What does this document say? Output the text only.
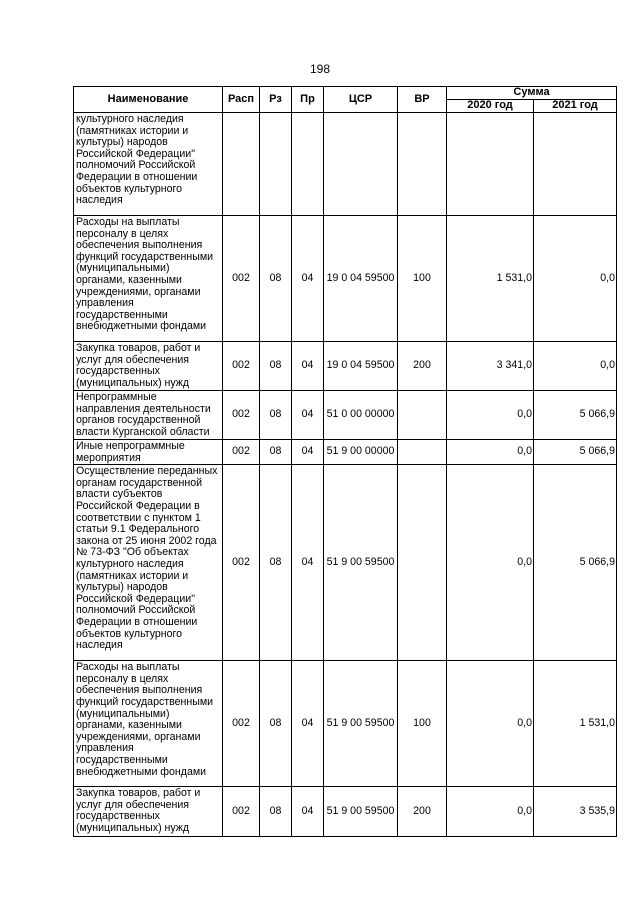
198
Наименование	Расп	Рз	Пр	ЦСР	ВР	Сумма	
						2020 год	2021 год
культурного наследия (памятниках истории и культуры) народов Российской Федерации" полномочий Российской Федерации в отношении объектов культурного наследия							
Расходы на выплаты персоналу в целях обеспечения выполнения функций государственными (муниципальными) органами, казенными учреждениями, органами управления государственными внебюджетными фондами	002	08	04	19 0 04 59500	100	1 531,0	0,0
Закупка товаров, работ и услуг для обеспечения государственных (муниципальных) нужд	002	08	04	19 0 04 59500	200	3 341,0	0,0
Непрограммные направления деятельности органов государственной власти Курганской области	002	08	04	51 0 00 00000		0,0	5 066,9
Иные непрограммные мероприятия	002	08	04	51 9 00 00000		0,0	5 066,9
Осуществление переданных органам государственной власти субъектов Российской Федерации в соответствии с пунктом 1 статьи 9.1 Федерального закона от 25 июня 2002 года № 73-ФЗ "Об объектах культурного наследия (памятниках истории и культуры) народов Российской Федерации" полномочий Российской Федерации в отношении объектов культурного наследия	002	08	04	51 9 00 59500		0,0	5 066,9
Расходы на выплаты персоналу в целях обеспечения выполнения функций государственными (муниципальными) органами, казенными учреждениями, органами управления государственными внебюджетными фондами	002	08	04	51 9 00 59500	100	0,0	1 531,0
Закупка товаров, работ и услуг для обеспечения государственных (муниципальных) нужд	002	08	04	51 9 00 59500	200	0,0	3 535,9
